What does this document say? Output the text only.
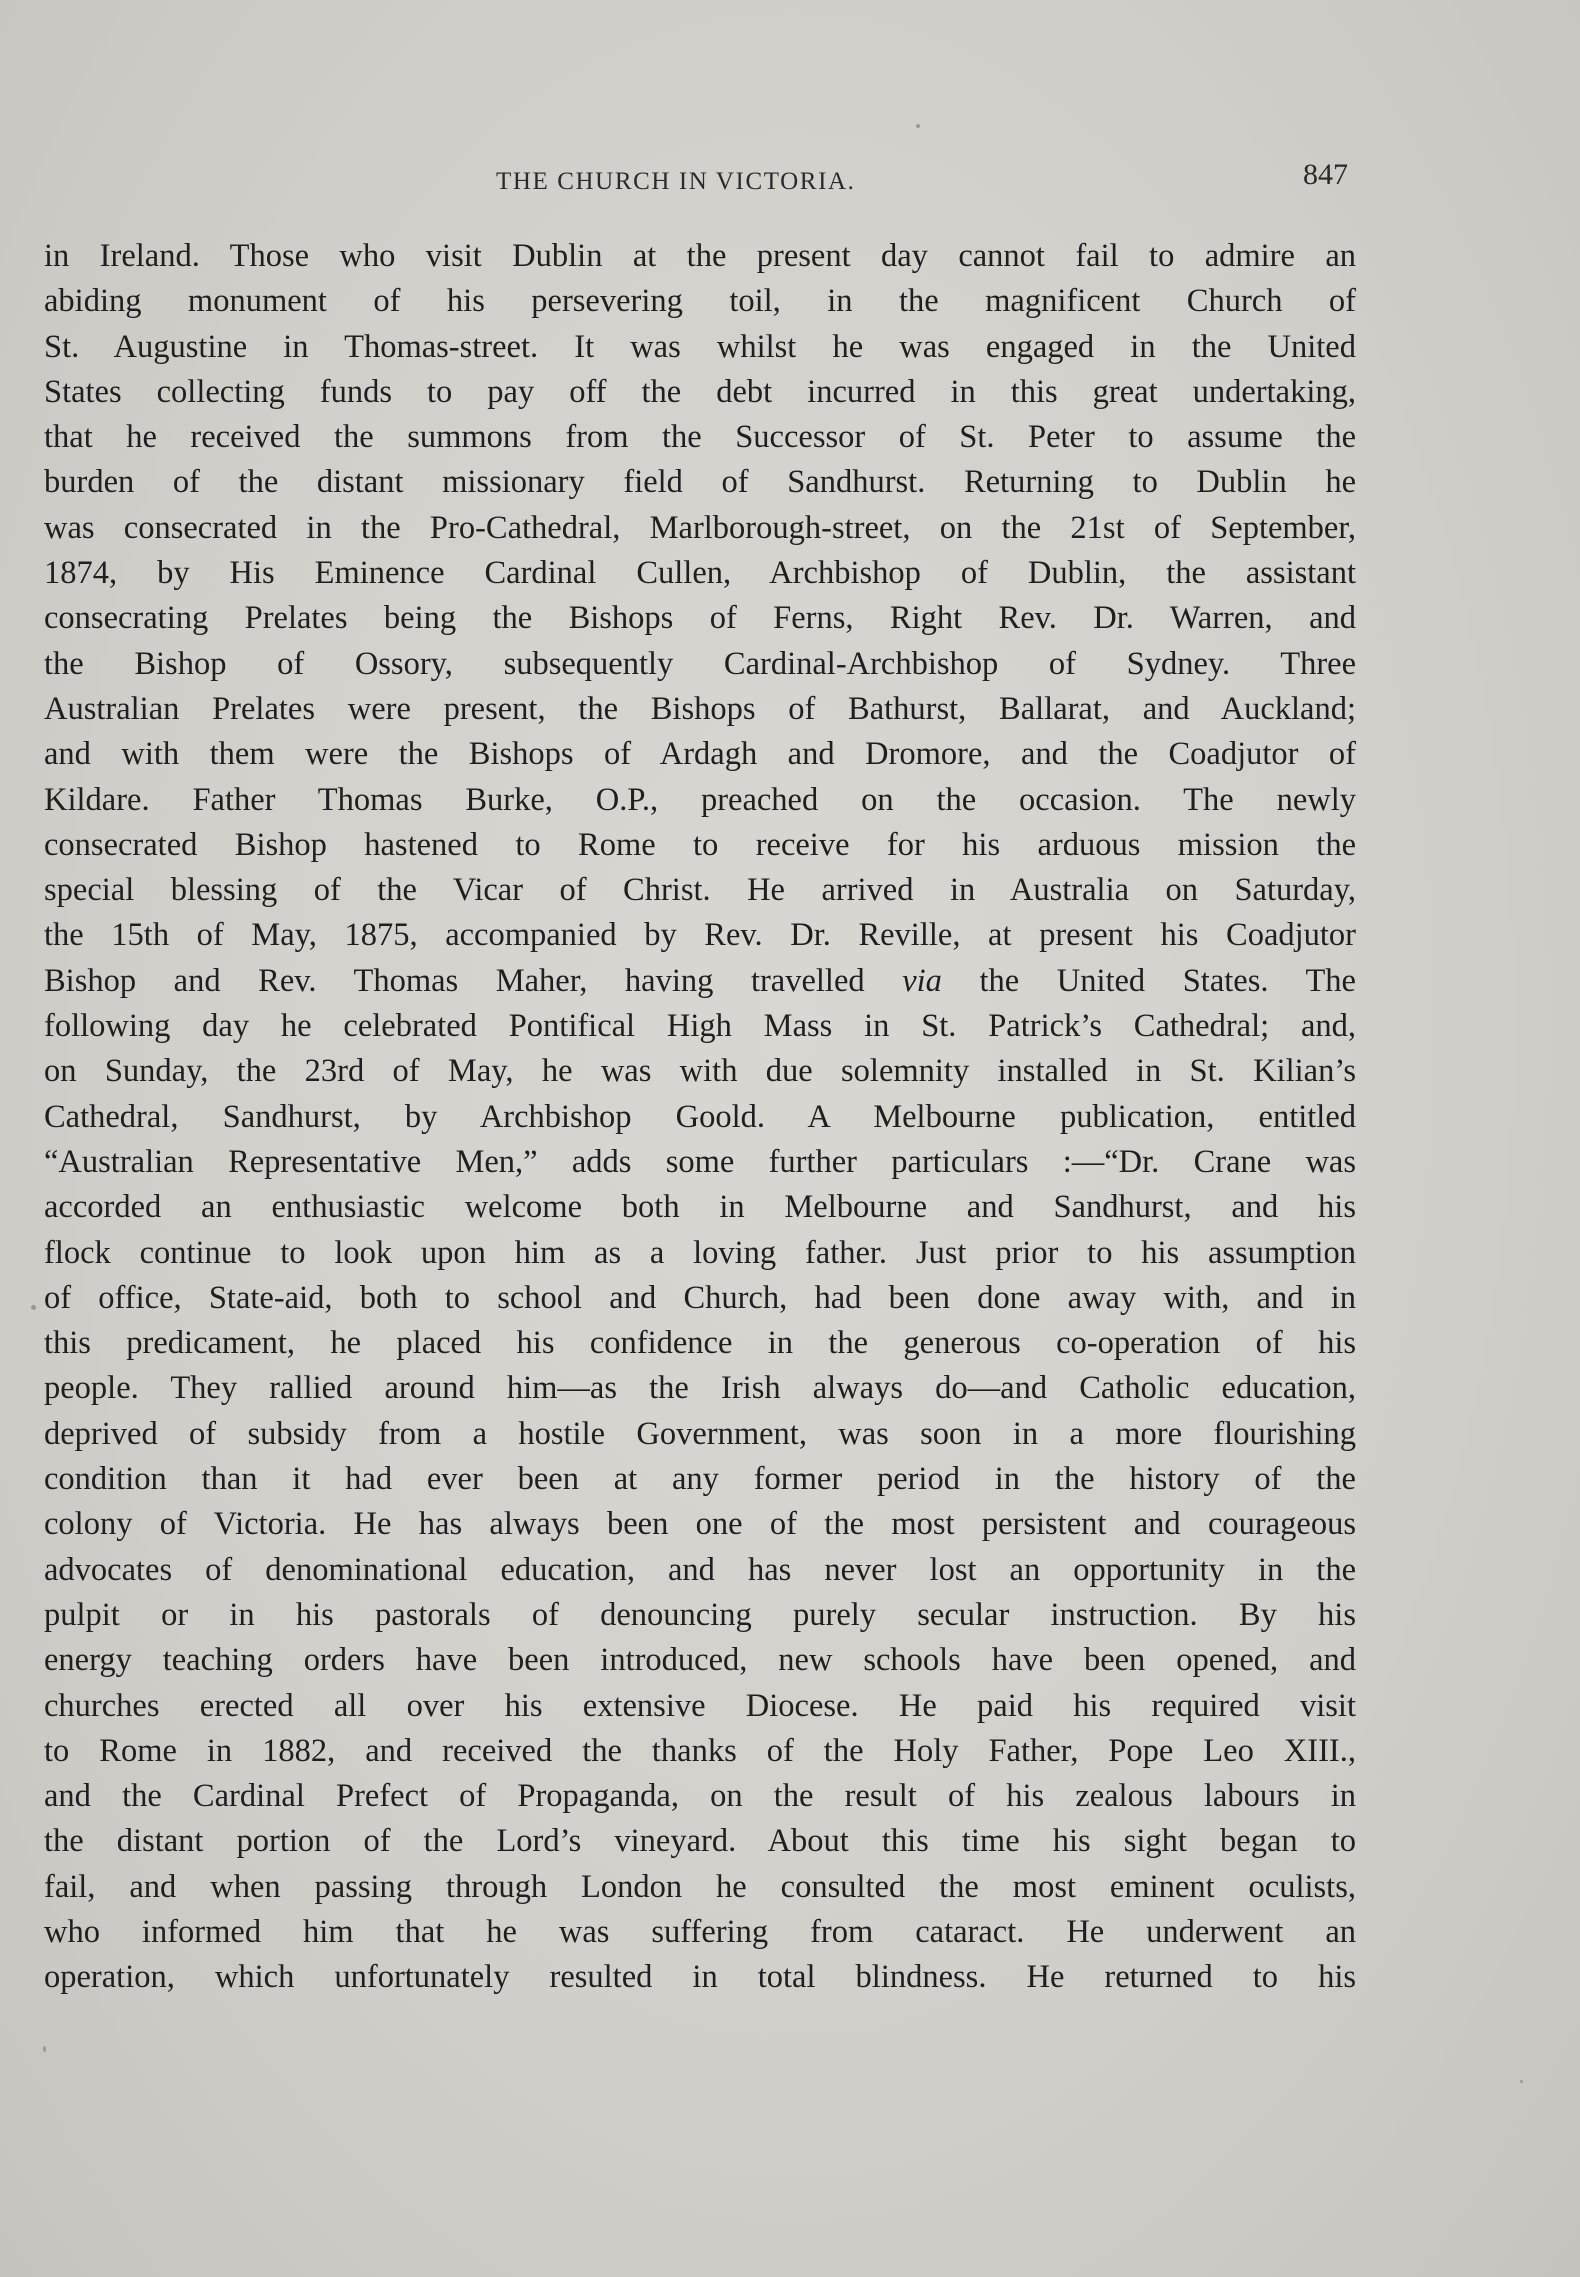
THE CHURCH IN VICTORIA.	847
in Ireland. Those who visit Dublin at the present day cannot fail to admire an
abiding monument of his persevering toil, in the magnificent Church of
St. Augustine in Thomas-street. It was whilst he was engaged in the United
States collecting funds to pay off the debt incurred in this great undertaking,
that he received the summons from the Successor of St. Peter to assume the
burden of the distant missionary field of Sandhurst. Returning to Dublin he
was consecrated in the Pro-Cathedral, Marlborough-street, on the 21st of September,
1874, by His Eminence Cardinal Cullen, Archbishop of Dublin, the assistant
consecrating Prelates being the Bishops of Ferns, Right Rev. Dr. Warren, and
the Bishop of Ossory, subsequently Cardinal-Archbishop of Sydney. Three
Australian Prelates were present, the Bishops of Bathurst, Ballarat, and Auckland;
and with them were the Bishops of Ardagh and Dromore, and the Coadjutor of
Kildare. Father Thomas Burke, O.P., preached on the occasion. The newly
consecrated Bishop hastened to Rome to receive for his arduous mission the
special blessing of the Vicar of Christ. He arrived in Australia on Saturday,
the 15th of May, 1875, accompanied by Rev. Dr. Reville, at present his Coadjutor
Bishop and Rev. Thomas Maher, having travelled via the United States. The
following day he celebrated Pontifical High Mass in St. Patrick’s Cathedral; and,
on Sunday, the 23rd of May, he was with due solemnity installed in St. Kilian’s
Cathedral, Sandhurst, by Archbishop Goold. A Melbourne publication, entitled
“Australian Representative Men,” adds some further particulars :—“Dr. Crane was
accorded an enthusiastic welcome both in Melbourne and Sandhurst, and his
flock continue to look upon him as a loving father. Just prior to his assumption
of office, State-aid, both to school and Church, had been done away with, and in
this predicament, he placed his confidence in the generous co-operation of his
people. They rallied around him—as the Irish always do—and Catholic education,
deprived of subsidy from a hostile Government, was soon in a more flourishing
condition than it had ever been at any former period in the history of the
colony of Victoria. He has always been one of the most persistent and courageous
advocates of denominational education, and has never lost an opportunity in the
pulpit or in his pastorals of denouncing purely secular instruction. By his
energy teaching orders have been introduced, new schools have been opened, and
churches erected all over his extensive Diocese. He paid his required visit
to Rome in 1882, and received the thanks of the Holy Father, Pope Leo XIII.,
and the Cardinal Prefect of Propaganda, on the result of his zealous labours in
the distant portion of the Lord’s vineyard. About this time his sight began to
fail, and when passing through London he consulted the most eminent oculists,
who informed him that he was suffering from cataract. He underwent an
operation, which unfortunately resulted in total blindness. He returned to his
